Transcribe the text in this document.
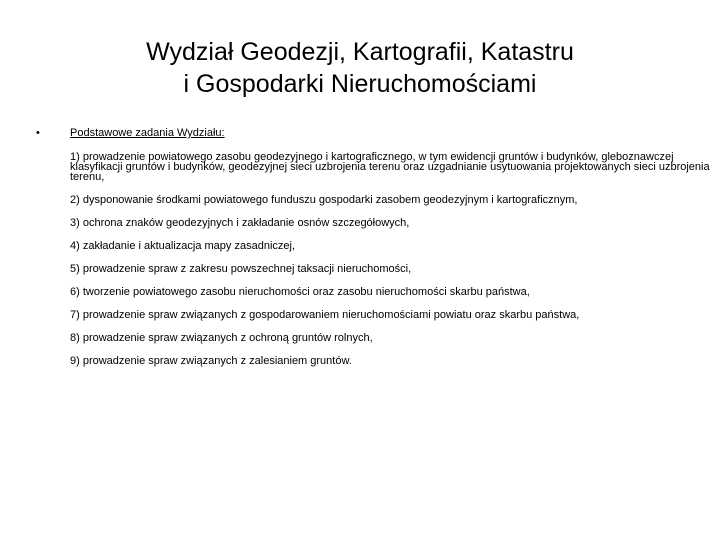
Wydział Geodezji, Kartografii, Katastru
i Gospodarki Nieruchomościami
•	Podstawowe zadania Wydziału:
1) prowadzenie powiatowego zasobu geodezyjnego i kartograficznego, w tym ewidencji gruntów i budynków, gleboznawczej klasyfikacji gruntów i budynków, geodezyjnej sieci uzbrojenia terenu oraz uzgadnianie usytuowania projektowanych sieci uzbrojenia terenu,
2) dysponowanie środkami powiatowego funduszu gospodarki zasobem geodezyjnym i kartograficznym,
3) ochrona znaków geodezyjnych i zakładanie osnów szczegółowych,
4) zakładanie i aktualizacja mapy zasadniczej,
5) prowadzenie spraw z zakresu powszechnej taksacji nieruchomości,
6) tworzenie powiatowego zasobu nieruchomości oraz zasobu nieruchomości skarbu państwa,
7) prowadzenie spraw związanych z gospodarowaniem nieruchomościami powiatu oraz skarbu państwa,
8) prowadzenie spraw związanych z ochroną gruntów rolnych,
9) prowadzenie spraw związanych z zalesianiem gruntów.
